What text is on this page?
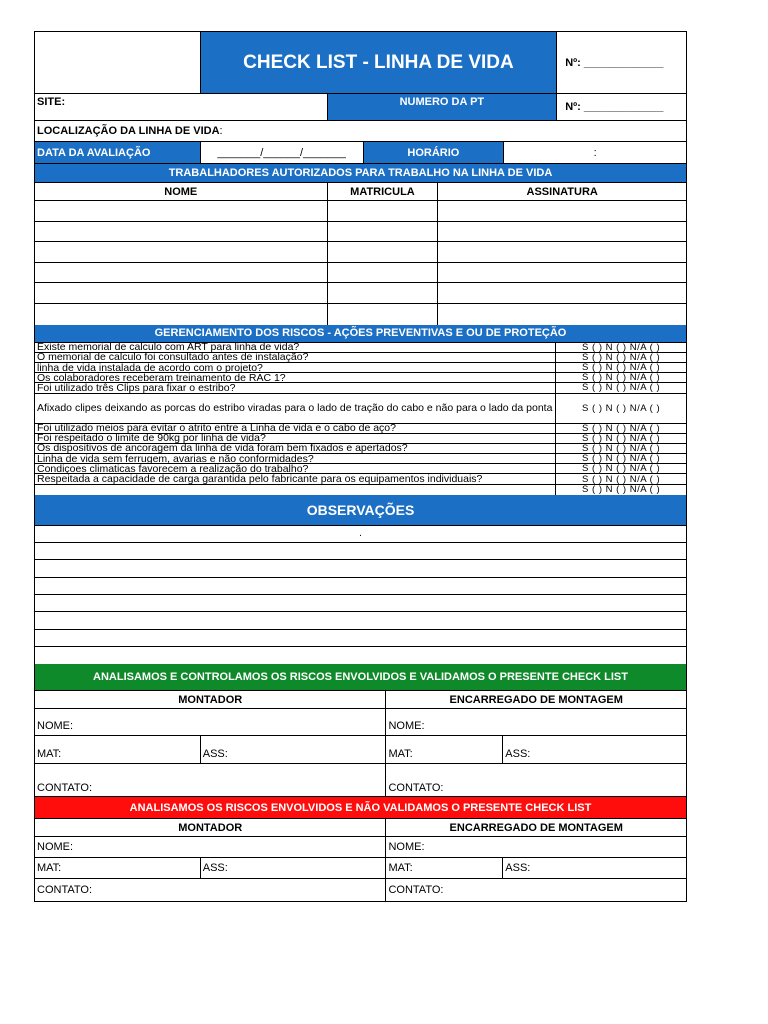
CHECK LIST - LINHA DE VIDA	Nº: _____________
SITE:	NUMERO DA PT	Nº: _____________
LOCALIZAÇÃO DA LINHA DE VIDA :
DATA DA AVALIAÇÃO	_______/______/_______	HORÁRIO	:
TRABALHADORES AUTORIZADOS PARA TRABALHO NA LINHA DE VIDA
NOME	MATRICULA	ASSINATURA
GERENCIAMENTO DOS RISCOS - AÇÕES PREVENTIVAS E OU DE PROTEÇÃO
Existe memorial de calculo com ART para linha de vida?	S ( ) N ( ) N/A ( )
O memorial de calculo foi consultado antes de instalação?	S ( ) N ( ) N/A ( )
linha de vida instalada de acordo com o projeto?	S ( ) N ( ) N/A ( )
Os colaboradores receberam treinamento de RAC 1?	S ( ) N ( ) N/A ( )
Foi utilizado três Clips para fixar o estribo?	S ( ) N ( ) N/A ( )
Afixado clipes deixando as porcas do estribo viradas para o lado de tração do cabo e não para o lado da ponta	S ( ) N ( ) N/A ( )
Foi utilizado meios para evitar o atrito entre a Linha de vida e o cabo de aço?	S ( ) N ( ) N/A ( )
Foi respeitado o limite de 90kg por linha de vida?	S ( ) N ( ) N/A ( )
Os dispositivos de ancoragem da linha de vida foram bem fixados e apertados?	S ( ) N ( ) N/A ( )
Linha de vida sem ferrugem, avarias e não conformidades?	S ( ) N ( ) N/A ( )
Condiçoes climaticas favorecem a realização do trabalho?	S ( ) N ( ) N/A ( )
Respeitada a capacidade de carga garantida pelo fabricante para os equipamentos individuais?	S ( ) N ( ) N/A ( )
S ( ) N ( ) N/A ( )
OBSERVAÇÕES
.
ANALISAMOS E CONTROLAMOS OS RISCOS ENVOLVIDOS E VALIDAMOS O PRESENTE CHECK LIST
MONTADOR	ENCARREGADO DE MONTAGEM
NOME:	NOME:
MAT:	ASS:	MAT:	ASS:
CONTATO:	CONTATO:
ANALISAMOS OS RISCOS ENVOLVIDOS E NÃO VALIDAMOS O PRESENTE CHECK LIST
MONTADOR	ENCARREGADO DE MONTAGEM
NOME:	NOME:
MAT:	ASS:	MAT:	ASS:
CONTATO:	CONTATO:
